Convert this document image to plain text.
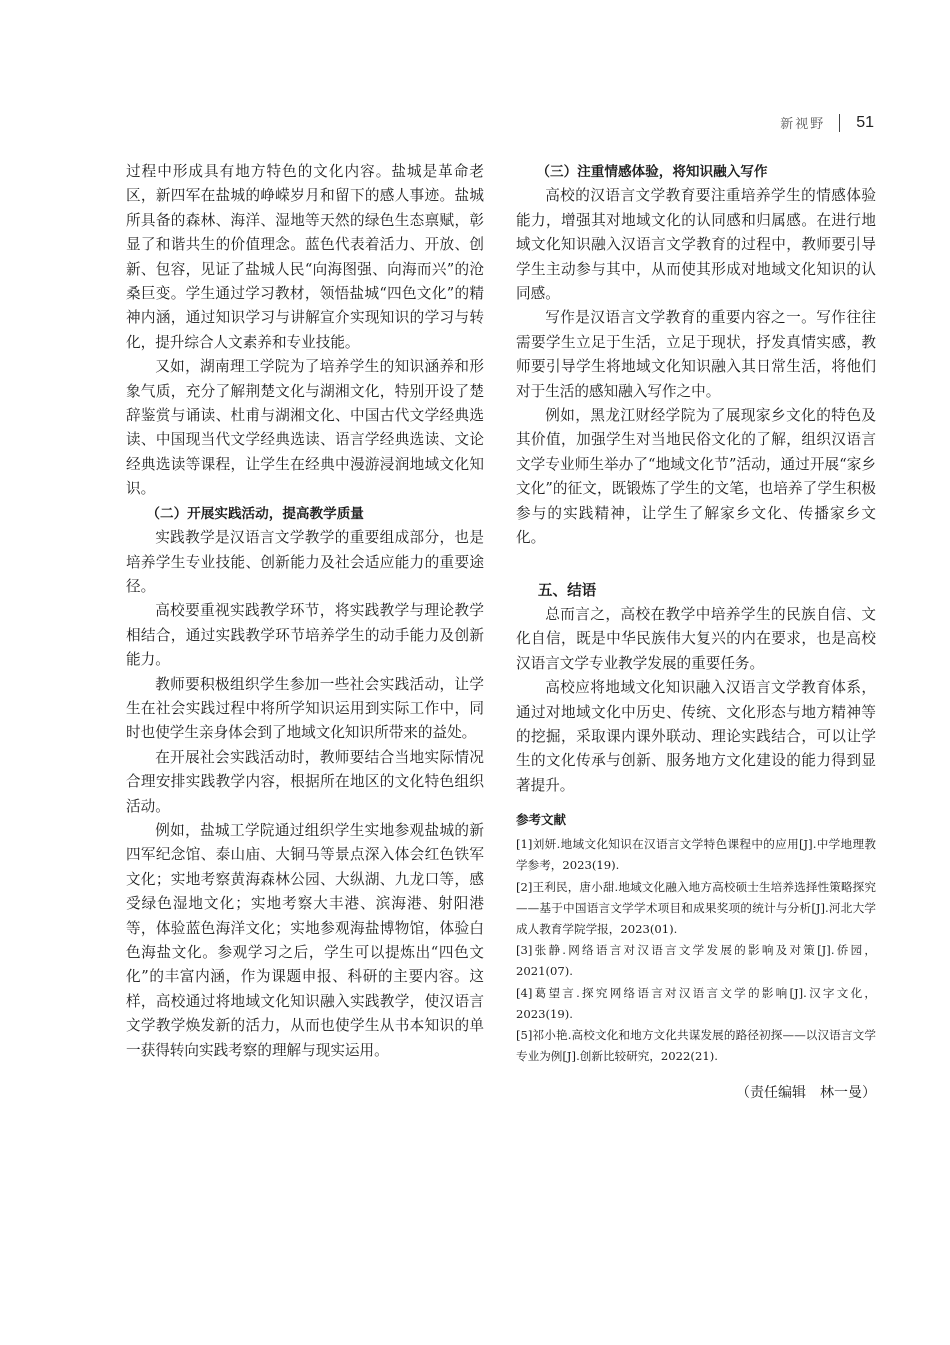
新视野 51

过程中形成具有地方特色的文化内容。盐城是革命老区，新四军在盐城的峥嵘岁月和留下的感人事迹。盐城所具备的森林、海洋、湿地等天然的绿色生态禀赋，彰显了和谐共生的价值理念。蓝色代表着活力、开放、创新、包容，见证了盐城人民“向海图强、向海而兴”的沧桑巨变。学生通过学习教材，领悟盐城“四色文化”的精神内涵，通过知识学习与讲解宣介实现知识的学习与转化，提升综合人文素养和专业技能。

又如，湖南理工学院为了培养学生的知识涵养和形象气质，充分了解荆楚文化与湖湘文化，特别开设了楚辞鉴赏与诵读、杜甫与湖湘文化、中国古代文学经典选读、中国现当代文学经典选读、语言学经典选读、文论经典选读等课程，让学生在经典中漫游浸润地域文化知识。

（二）开展实践活动，提高教学质量

实践教学是汉语言文学教学的重要组成部分，也是培养学生专业技能、创新能力及社会适应能力的重要途径。

高校要重视实践教学环节，将实践教学与理论教学相结合，通过实践教学环节培养学生的动手能力及创新能力。

教师要积极组织学生参加一些社会实践活动，让学生在社会实践过程中将所学知识运用到实际工作中，同时也使学生亲身体会到了地域文化知识所带来的益处。

在开展社会实践活动时，教师要结合当地实际情况合理安排实践教学内容，根据所在地区的文化特色组织活动。

例如，盐城工学院通过组织学生实地参观盐城的新四军纪念馆、泰山庙、大铜马等景点深入体会红色铁军文化；实地考察黄海森林公园、大纵湖、九龙口等，感受绿色湿地文化；实地考察大丰港、滨海港、射阳港等，体验蓝色海洋文化；实地参观海盐博物馆，体验白色海盐文化。参观学习之后，学生可以提炼出“四色文化”的丰富内涵，作为课题申报、科研的主要内容。这样，高校通过将地域文化知识融入实践教学，使汉语言文学教学焕发新的活力，从而也使学生从书本知识的单一获得转向实践考察的理解与现实运用。

（三）注重情感体验，将知识融入写作

高校的汉语言文学教育要注重培养学生的情感体验能力，增强其对地域文化的认同感和归属感。在进行地域文化知识融入汉语言文学教育的过程中，教师要引导学生主动参与其中，从而使其形成对地域文化知识的认同感。

写作是汉语言文学教育的重要内容之一。写作往往需要学生立足于生活，立足于现状，抒发真情实感，教师要引导学生将地域文化知识融入其日常生活，将他们对于生活的感知融入写作之中。

例如，黑龙江财经学院为了展现家乡文化的特色及其价值，加强学生对当地民俗文化的了解，组织汉语言文学专业师生举办了“地域文化节”活动，通过开展“家乡文化”的征文，既锻炼了学生的文笔，也培养了学生积极参与的实践精神，让学生了解家乡文化、传播家乡文化。

五、结语

总而言之，高校在教学中培养学生的民族自信、文化自信，既是中华民族伟大复兴的内在要求，也是高校汉语言文学专业教学发展的重要任务。

高校应将地域文化知识融入汉语言文学教育体系，通过对地域文化中历史、传统、文化形态与地方精神等的挖掘，采取课内课外联动、理论实践结合，可以让学生的文化传承与创新、服务地方文化建设的能力得到显著提升。

参考文献

[1]刘妍.地域文化知识在汉语言文学特色课程中的应用[J].中学地理教学参考，2023(19).

[2]王利民，唐小甜.地域文化融入地方高校硕士生培养选择性策略探究——基于中国语言文学学术项目和成果奖项的统计与分析[J].河北大学成人教育学院学报，2023(01).

[3]张静.网络语言对汉语言文学发展的影响及对策[J].侨园，2021(07).

[4]葛望言.探究网络语言对汉语言文学的影响[J].汉字文化，2023(19).

[5]祁小艳.高校文化和地方文化共谋发展的路径初探——以汉语言文学专业为例[J].创新比较研究，2022(21).

（责任编辑　林一曼）
